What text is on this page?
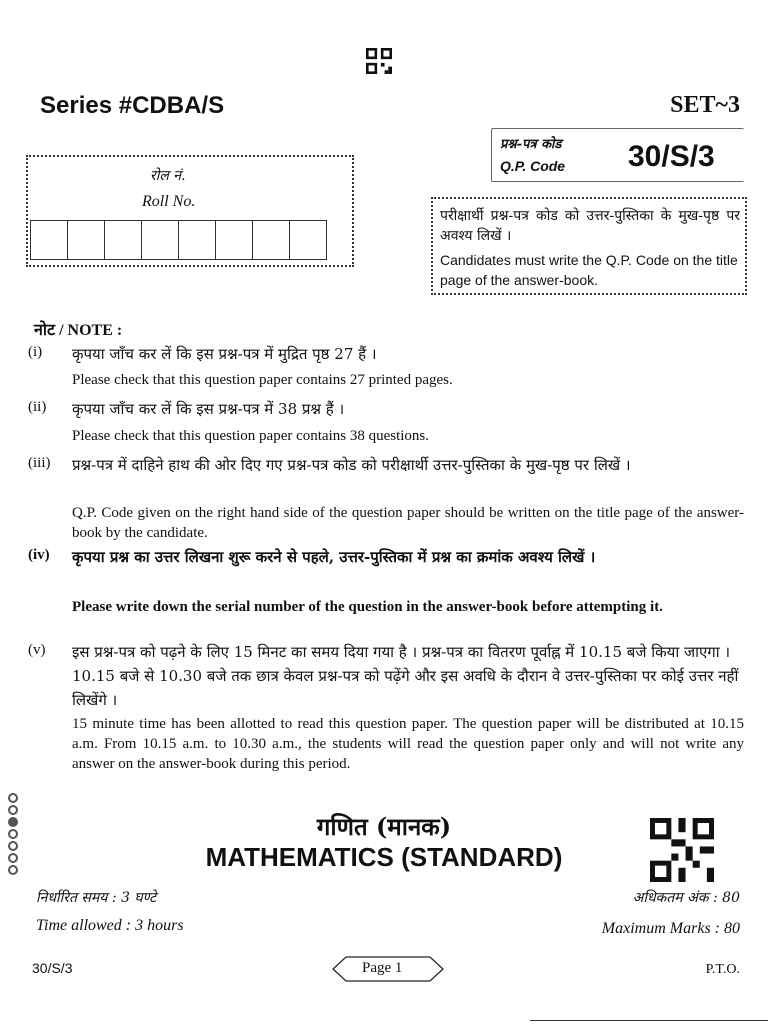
Series #CDBA/S	SET~3
प्रश्न-पत्र कोड
Q.P. Code 30/S/3
रोल नं.
Roll No.
परीक्षार्थी प्रश्न-पत्र कोड को उत्तर-पुस्तिका के मुख-पृष्ठ पर अवश्य लिखें ।
Candidates must write the Q.P. Code on the title page of the answer-book.
नोट / NOTE :
(i) कृपया जाँच कर लें कि इस प्रश्न-पत्र में मुद्रित पृष्ठ 27 हैं ।
Please check that this question paper contains 27 printed pages.
(ii) कृपया जाँच कर लें कि इस प्रश्न-पत्र में 38 प्रश्न हैं ।
Please check that this question paper contains 38 questions.
(iii) प्रश्न-पत्र में दाहिने हाथ की ओर दिए गए प्रश्न-पत्र कोड को परीक्षार्थी उत्तर-पुस्तिका के मुख-पृष्ठ पर लिखें ।
Q.P. Code given on the right hand side of the question paper should be written on the title page of the answer-book by the candidate.
(iv) कृपया प्रश्न का उत्तर लिखना शुरू करने से पहले, उत्तर-पुस्तिका में प्रश्न का क्रमांक अवश्य लिखें ।
Please write down the serial number of the question in the answer-book before attempting it.
(v) इस प्रश्न-पत्र को पढ़ने के लिए 15 मिनट का समय दिया गया है । प्रश्न-पत्र का वितरण पूर्वाह्न में 10.15 बजे किया जाएगा । 10.15 बजे से 10.30 बजे तक छात्र केवल प्रश्न-पत्र को पढ़ेंगे और इस अवधि के दौरान वे उत्तर-पुस्तिका पर कोई उत्तर नहीं लिखेंगे ।
15 minute time has been allotted to read this question paper. The question paper will be distributed at 10.15 a.m. From 10.15 a.m. to 10.30 a.m., the students will read the question paper only and will not write any answer on the answer-book during this period.
गणित (मानक)
MATHEMATICS (STANDARD)
निर्धारित समय : 3 घण्टे	अधिकतम अंक : 80
Time allowed : 3 hours	Maximum Marks : 80
30/S/3	Page 1	P.T.O.
